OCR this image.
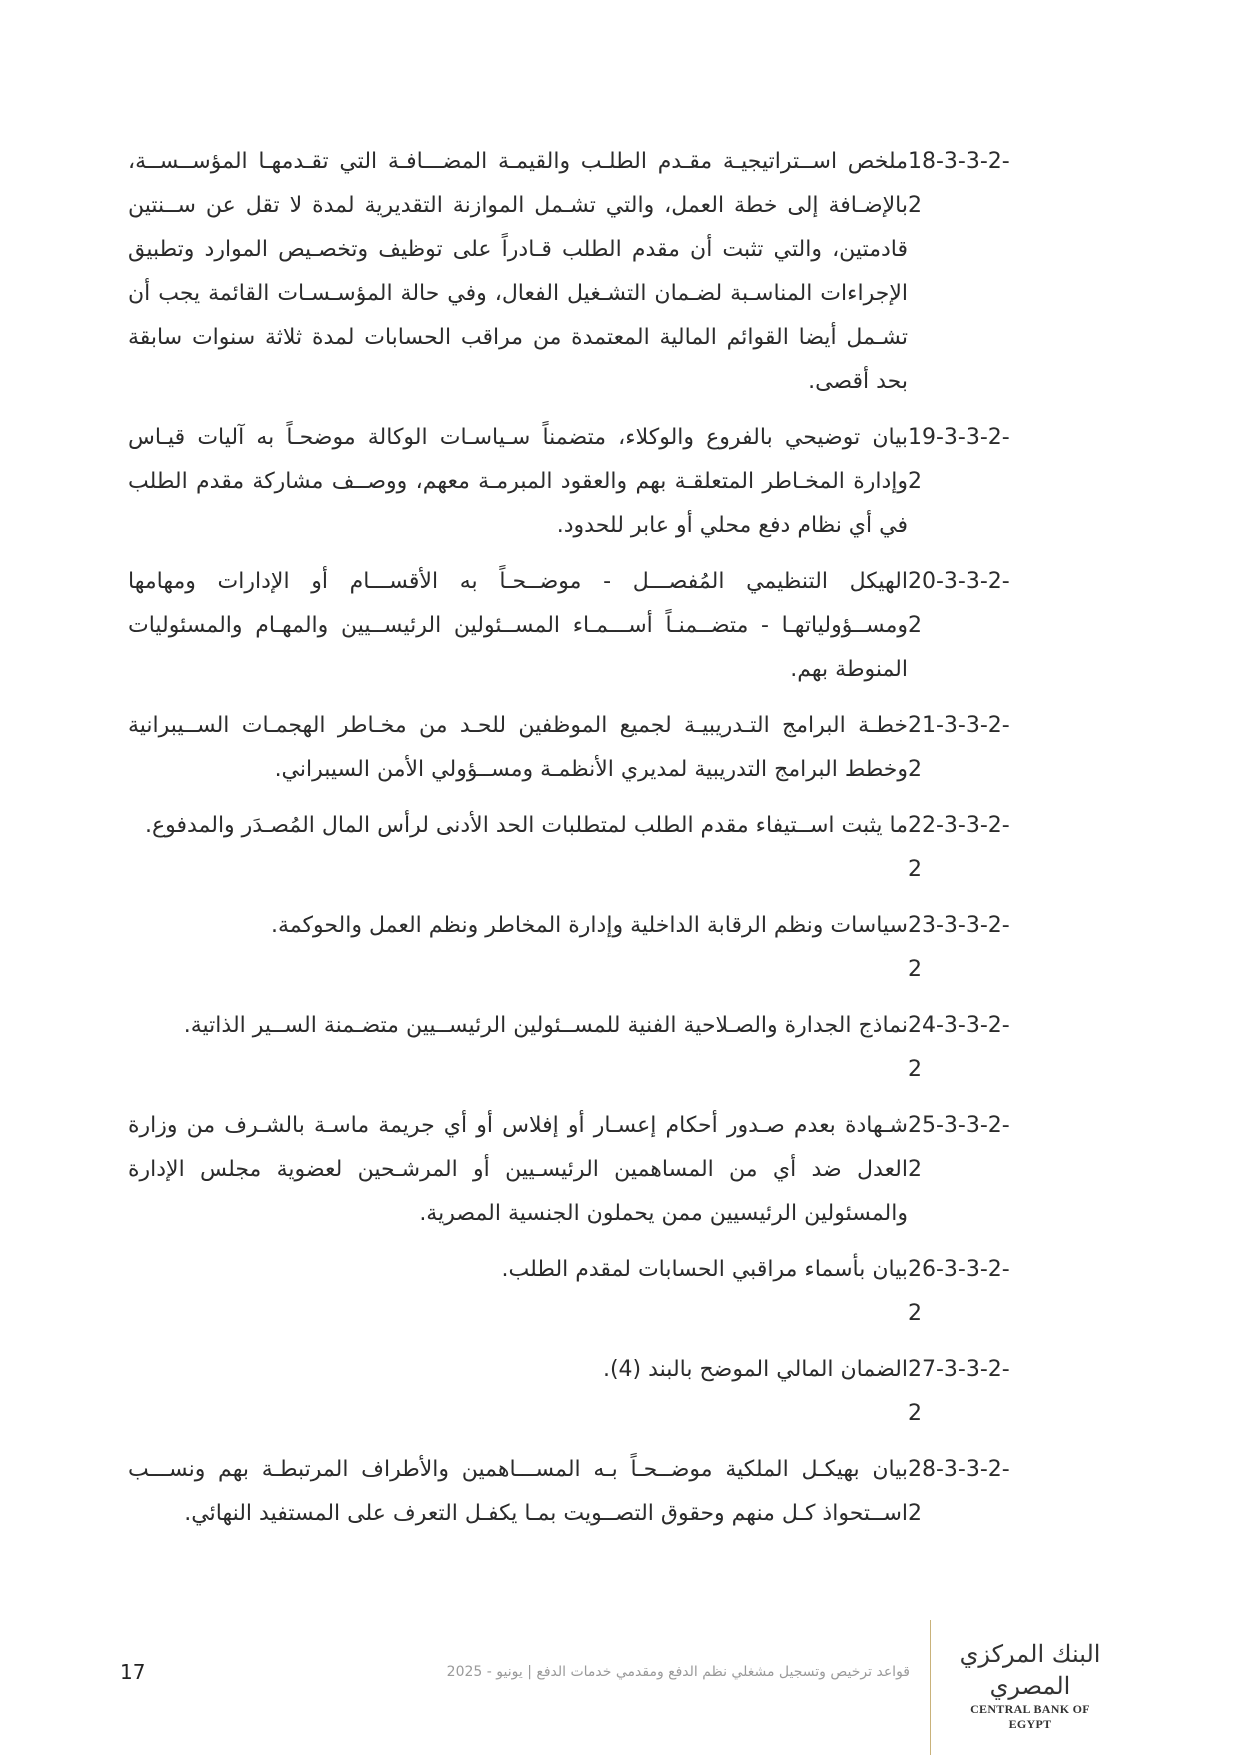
18-3-3-2-2
ملخص اســتراتيجيـة مقـدم الطلـب والقيمـة المضـــافـة التي تقـدمهـا المؤســســة، بالإضـافة إلى خطة العمل، والتي تشـمل الموازنة التقديرية لمدة لا تقل عن ســنتين قادمتين، والتي تثبت أن مقدم الطلب قـادراً على توظيف وتخصـيص الموارد وتطبيق الإجراءات المناسـبة لضـمان التشـغيل الفعال، وفي حالة المؤسـسـات القائمة يجب أن تشـمل أيضا القوائم المالية المعتمدة من مراقب الحسابات لمدة ثلاثة سنوات سابقة بحد أقصى.
19-3-3-2-2
بيان توضيحي بالفروع والوكلاء، متضمناً سـياسـات الوكالة موضحـاً به آليات قيـاس وإدارة المخـاطر المتعلقـة بهم والعقود المبرمـة معهم، ووصــف مشاركة مقدم الطلب في أي نظام دفع محلي أو عابر للحدود.
20-3-3-2-2
الهيكل التنظيمي المُفصـــل - موضــحـاً به الأقســـام أو الإدارات ومهامها ومســؤولياتهـا - متضــمنـاً أســـمـاء المســئولين الرئيســيين والمهـام والمسئوليات المنوطة بهم.
21-3-3-2-2
خطـة البرامج التـدريبيـة لجميع الموظفين للحـد من مخـاطر الهجمـات الســيبرانية وخطط البرامج التدريبية لمديري الأنظمـة ومســؤولي الأمن السيبراني.
22-3-3-2-2
ما يثبت اســتيفاء مقدم الطلب لمتطلبات الحد الأدنى لرأس المال المُصـدَر والمدفوع.
23-3-3-2-2
سياسات ونظم الرقابة الداخلية وإدارة المخاطر ونظم العمل والحوكمة.
24-3-3-2-2
نماذج الجدارة والصـلاحية الفنية للمســئولين الرئيســيين متضـمنة الســير الذاتية.
25-3-3-2-2
شـهادة بعدم صـدور أحكام إعسـار أو إفلاس أو أي جريمة ماسـة بالشـرف من وزارة العدل ضد أي من المساهمين الرئيسـيين أو المرشـحين لعضوية مجلس الإدارة والمسئولين الرئيسيين ممن يحملون الجنسية المصرية.
26-3-3-2-2
بيان بأسماء مراقبي الحسابات لمقدم الطلب.
27-3-3-2-2
الضمان المالي الموضح بالبند (4).
28-3-3-2-2
بيان بهيكـل الملكية موضــحـاً بـه المســـاهمين والأطراف المرتبطـة بهم ونســـب اســتحواذ كـل منهم وحقوق التصــويت بمـا يكفـل التعرف على المستفيد النهائي.
17	قواعد ترخيص وتسجيل مشغلي نظم الدفع ومقدمي خدمات الدفع | يونيو - 2025
البنك المركزي المصري
CENTRAL BANK OF EGYPT
